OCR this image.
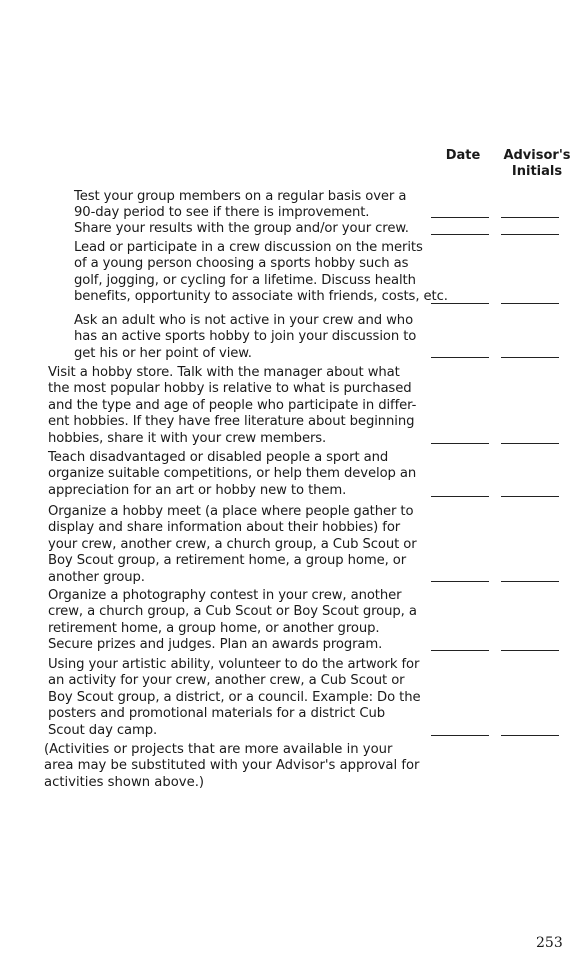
Date	Advisor's
Initials
Test your group members on a regular basis over a
90-day period to see if there is improvement.
Share your results with the group and/or your crew.
Lead or participate in a crew discussion on the merits
of a young person choosing a sports hobby such as
golf, jogging, or cycling for a lifetime. Discuss health
benefits, opportunity to associate with friends, costs, etc.
Ask an adult who is not active in your crew and who
has an active sports hobby to join your discussion to
get his or her point of view.
Visit a hobby store. Talk with the manager about what
the most popular hobby is relative to what is purchased
and the type and age of people who participate in differ-
ent hobbies. If they have free literature about beginning
hobbies, share it with your crew members.
Teach disadvantaged or disabled people a sport and
organize suitable competitions, or help them develop an
appreciation for an art or hobby new to them.
Organize a hobby meet (a place where people gather to
display and share information about their hobbies) for
your crew, another crew, a church group, a Cub Scout or
Boy Scout group, a retirement home, a group home, or
another group.
Organize a photography contest in your crew, another
crew, a church group, a Cub Scout or Boy Scout group, a
retirement home, a group home, or another group.
Secure prizes and judges. Plan an awards program.
Using your artistic ability, volunteer to do the artwork for
an activity for your crew, another crew, a Cub Scout or
Boy Scout group, a district, or a council. Example: Do the
posters and promotional materials for a district Cub
Scout day camp.
(Activities or projects that are more available in your
area may be substituted with your Advisor's approval for
activities shown above.)
253
